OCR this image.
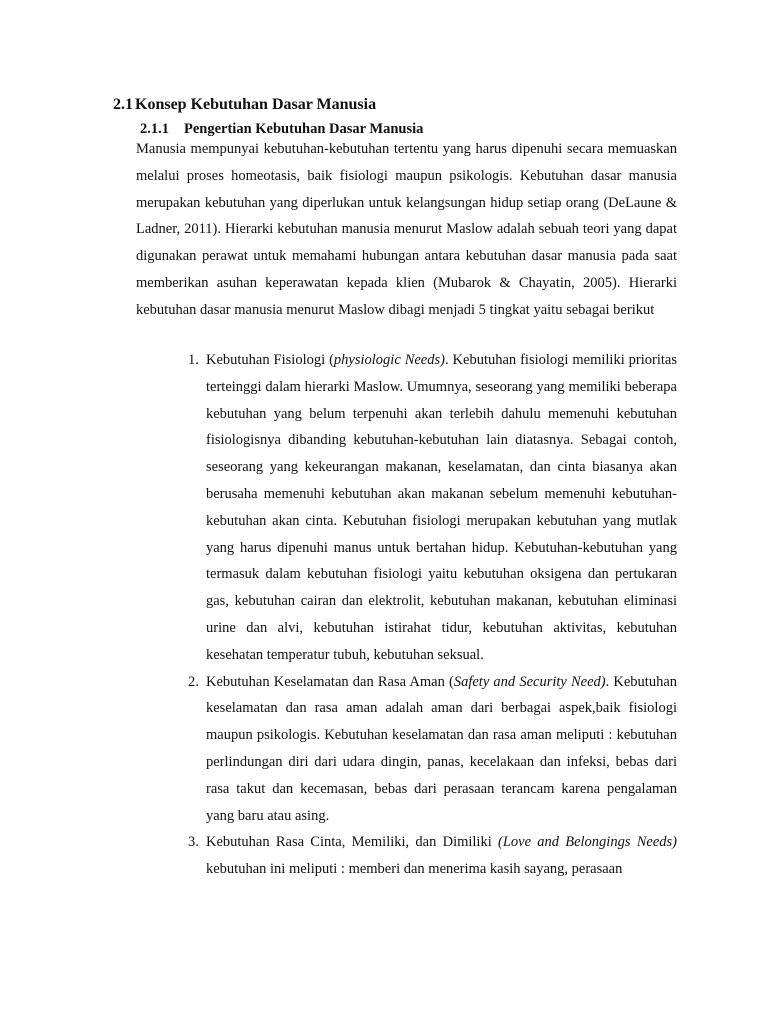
2.1 Konsep Kebutuhan Dasar Manusia
2.1.1 Pengertian Kebutuhan Dasar Manusia

Manusia mempunyai kebutuhan-kebutuhan tertentu yang harus dipenuhi secara memuaskan melalui proses homeotasis, baik fisiologi maupun psikologis. Kebutuhan dasar manusia merupakan kebutuhan yang diperlukan untuk kelangsungan hidup setiap orang (DeLaune & Ladner, 2011). Hierarki kebutuhan manusia menurut Maslow adalah sebuah teori yang dapat digunakan perawat untuk memahami hubungan antara kebutuhan dasar manusia pada saat memberikan asuhan keperawatan kepada klien (Mubarok & Chayatin, 2005). Hierarki kebutuhan dasar manusia menurut Maslow dibagi menjadi 5 tingkat yaitu sebagai berikut

1. Kebutuhan Fisiologi (physiologic Needs). Kebutuhan fisiologi memiliki prioritas terteinggi dalam hierarki Maslow. Umumnya, seseorang yang memiliki beberapa kebutuhan yang belum terpenuhi akan terlebih dahulu memenuhi kebutuhan fisiologisnya dibanding kebutuhan-kebutuhan lain diatasnya. Sebagai contoh, seseorang yang kekeurangan makanan, keselamatan, dan cinta biasanya akan berusaha memenuhi kebutuhan akan makanan sebelum memenuhi kebutuhan-kebutuhan akan cinta. Kebutuhan fisiologi merupakan kebutuhan yang mutlak yang harus dipenuhi manus untuk bertahan hidup. Kebutuhan-kebutuhan yang termasuk dalam kebutuhan fisiologi yaitu kebutuhan oksigena dan pertukaran gas, kebutuhan cairan dan elektrolit, kebutuhan makanan, kebutuhan eliminasi urine dan alvi, kebutuhan istirahat tidur, kebutuhan aktivitas, kebutuhan kesehatan temperatur tubuh, kebutuhan seksual.

2. Kebutuhan Keselamatan dan Rasa Aman (Safety and Security Need). Kebutuhan keselamatan dan rasa aman adalah aman dari berbagai aspek,baik fisiologi maupun psikologis. Kebutuhan keselamatan dan rasa aman meliputi : kebutuhan perlindungan diri dari udara dingin, panas, kecelakaan dan infeksi, bebas dari rasa takut dan kecemasan, bebas dari perasaan terancam karena pengalaman yang baru atau asing.

3. Kebutuhan Rasa Cinta, Memiliki, dan Dimiliki (Love and Belongings Needs) kebutuhan ini meliputi : memberi dan menerima kasih sayang, perasaan
